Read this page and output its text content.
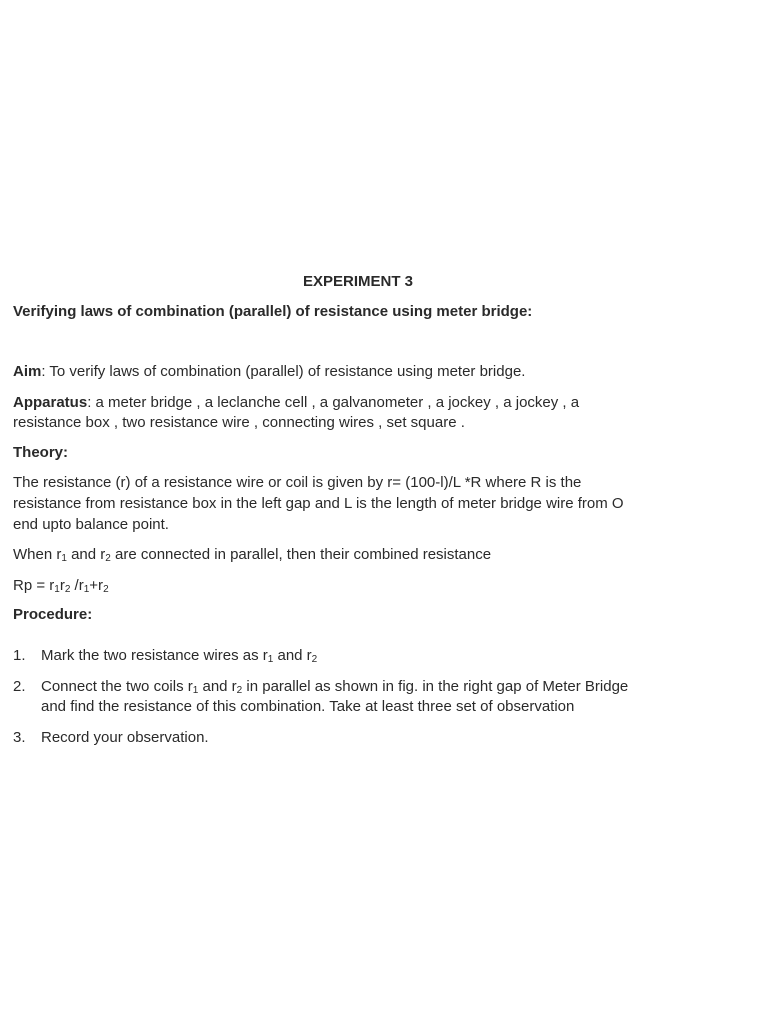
EXPERIMENT 3
Verifying laws of combination (parallel) of resistance using meter bridge:
Aim: To verify laws of combination (parallel) of resistance using meter bridge.
Apparatus: a meter bridge , a leclanche cell , a galvanometer , a jockey , a jockey , a
resistance box , two resistance wire , connecting wires , set square .
Theory:
The resistance (r) of a resistance wire or coil is given by r= (100-l)/L *R where R is the
resistance from resistance box in the left gap and L is the length of meter bridge wire from O
end upto balance point.
When $r_1$ and $r_2$ are connected in parallel, then their combined resistance
$Rp = r_1r_2$ $/r_1+r_2$
Procedure:
1. Mark the two resistance wires as $r_1$ and $r_2$
2. Connect the two coils $r_1$ and $r_2$ in parallel as shown in fig. in the right gap of Meter Bridge
and find the resistance of this combination. Take at least three set of observation
3. Record your observation.
